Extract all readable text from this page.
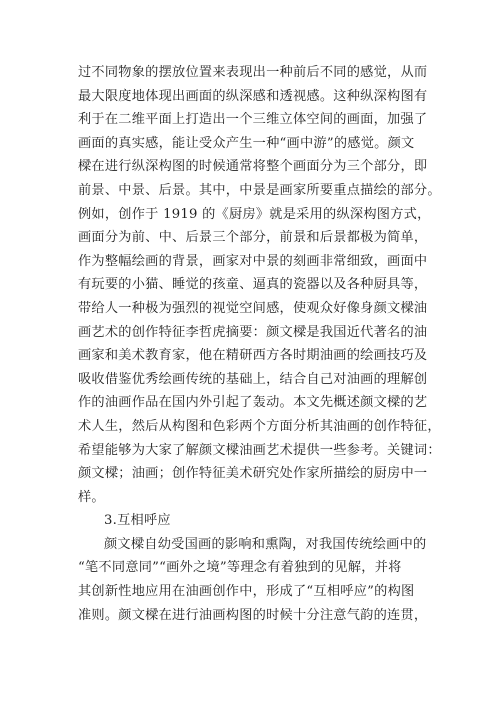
过不同物象的摆放位置来表现出一种前后不同的感觉，从而
最大限度地体现出画面的纵深感和透视感。这种纵深构图有
利于在二维平面上打造出一个三维立体空间的画面，加强了
画面的真实感，能让受众产生一种“画中游”的感觉。颜文
樑在进行纵深构图的时候通常将整个画面分为三个部分，即
前景、中景、后景。其中，中景是画家所要重点描绘的部分。
例如，创作于 1919 的《厨房》就是采用的纵深构图方式，
画面分为前、中、后景三个部分，前景和后景都极为简单，
作为整幅绘画的背景，画家对中景的刻画非常细致，画面中
有玩要的小猫、睡觉的孩童、逼真的瓷器以及各种厨具等，
带给人一种极为强烈的视觉空间感，使观众好像身颜文樑油
画艺术的创作特征李哲虎摘要：颜文樑是我国近代著名的油
画家和美术教育家，他在精研西方各时期油画的绘画技巧及
吸收借鉴优秀绘画传统的基础上，结合自己对油画的理解创
作的油画作品在国内外引起了轰动。本文先概述颜文樑的艺
术人生，然后从构图和色彩两个方面分析其油画的创作特征，
希望能够为大家了解颜文樑油画艺术提供一些参考。关键词：
颜文樑；油画；创作特征美术研究处作家所描绘的厨房中一
样。
3.互相呼应
颜文樑自幼受国画的影响和熏陶，对我国传统绘画中的
“笔不同意同”“画外之境”等理念有着独到的见解，并将
其创新性地应用在油画创作中，形成了“互相呼应”的构图
准则。颜文樑在进行油画构图的时候十分注意气韵的连贯，
